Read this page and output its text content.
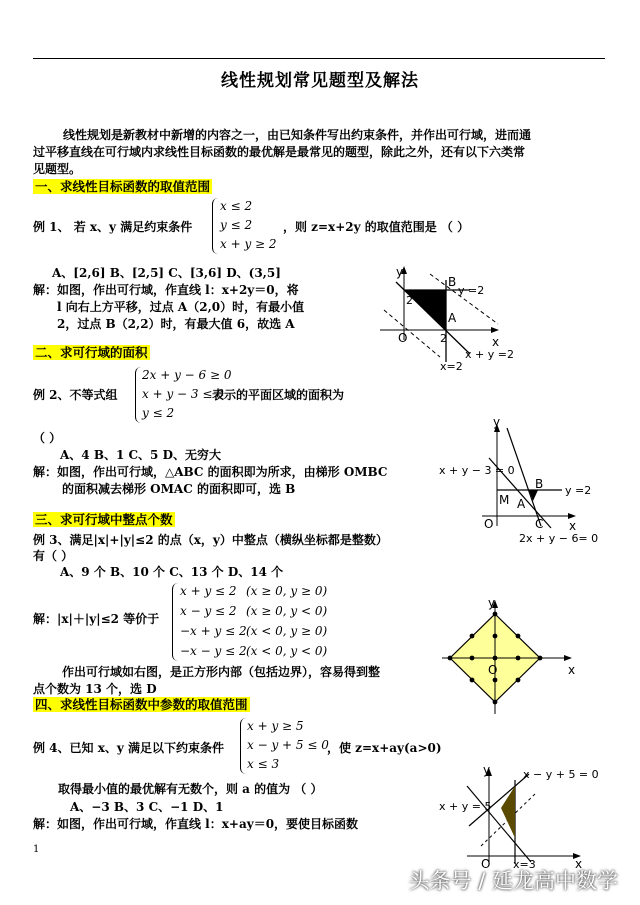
线性规划常见题型及解法
线性规划是新教材中新增的内容之一，由已知条件写出约束条件，并作出可行域，进而通
过平移直线在可行域内求线性目标函数的最优解是最常见的题型，除此之外，还有以下六类常
见题型。
一、求线性目标函数的取值范围
例 1、 若 x、y 满足约束条件
x ≤ 2
y ≤ 2
x + y ≥ 2
，则 z=x+2y 的取值范围是 （ ）
A、[2,6] B、[2,5] C、[3,6] D、(3,5]
解：如图，作出可行域，作直线 l：x+2y＝0，将
l 向右上方平移，过点 A（2,0）时，有最小值
2，过点 B（2,2）时，有最大值 6，故选 A
y
x
O
B
A
2
2
y =2
x + y =2
x=2
二、求可行域的面积
例 2、不等式组
2x + y − 6 ≥ 0
x + y − 3 ≤ 0
y ≤ 2
表示的平面区域的面积为
（ ）
A、4 B、1 C、5 D、无穷大
解：如图，作出可行域，△ABC 的面积即为所求，由梯形 OMBC
的面积减去梯形 OMAC 的面积即可，选 B
y
x
O
M A
B
C
x + y − 3 = 0
y =2
2x + y − 6= 0
三、求可行域中整点个数
例 3、满足|x|+|y|≤2 的点（x，y）中整点（横纵坐标都是整数）
有（ ）
A、9 个 B、10 个 C、13 个 D、14 个
解：|x|＋|y|≤2 等价于
x + y ≤ 2 (x ≥ 0, y ≥ 0)
x − y ≤ 2 (x ≥ 0, y < 0)
−x + y ≤ 2 (x < 0, y ≥ 0)
−x − y ≤ 2 (x < 0, y < 0)
作出可行域如右图，是正方形内部（包括边界），容易得到整
点个数为 13 个，选 D
y
x
O
四、求线性目标函数中参数的取值范围
例 4、已知 x、y 满足以下约束条件
x + y ≥ 5
x − y + 5 ≤ 0
x ≤ 3
，使 z=x+ay(a>0)
取得最小值的最优解有无数个，则 a 的值为 （ ）
A、−3 B、3 C、−1 D、1
解：如图，作出可行域，作直线 l：x+ay＝0，要使目标函数
y
x
O
x − y + 5 = 0
x + y = 5
x=3
1
头条号 / 延龙高中数学
